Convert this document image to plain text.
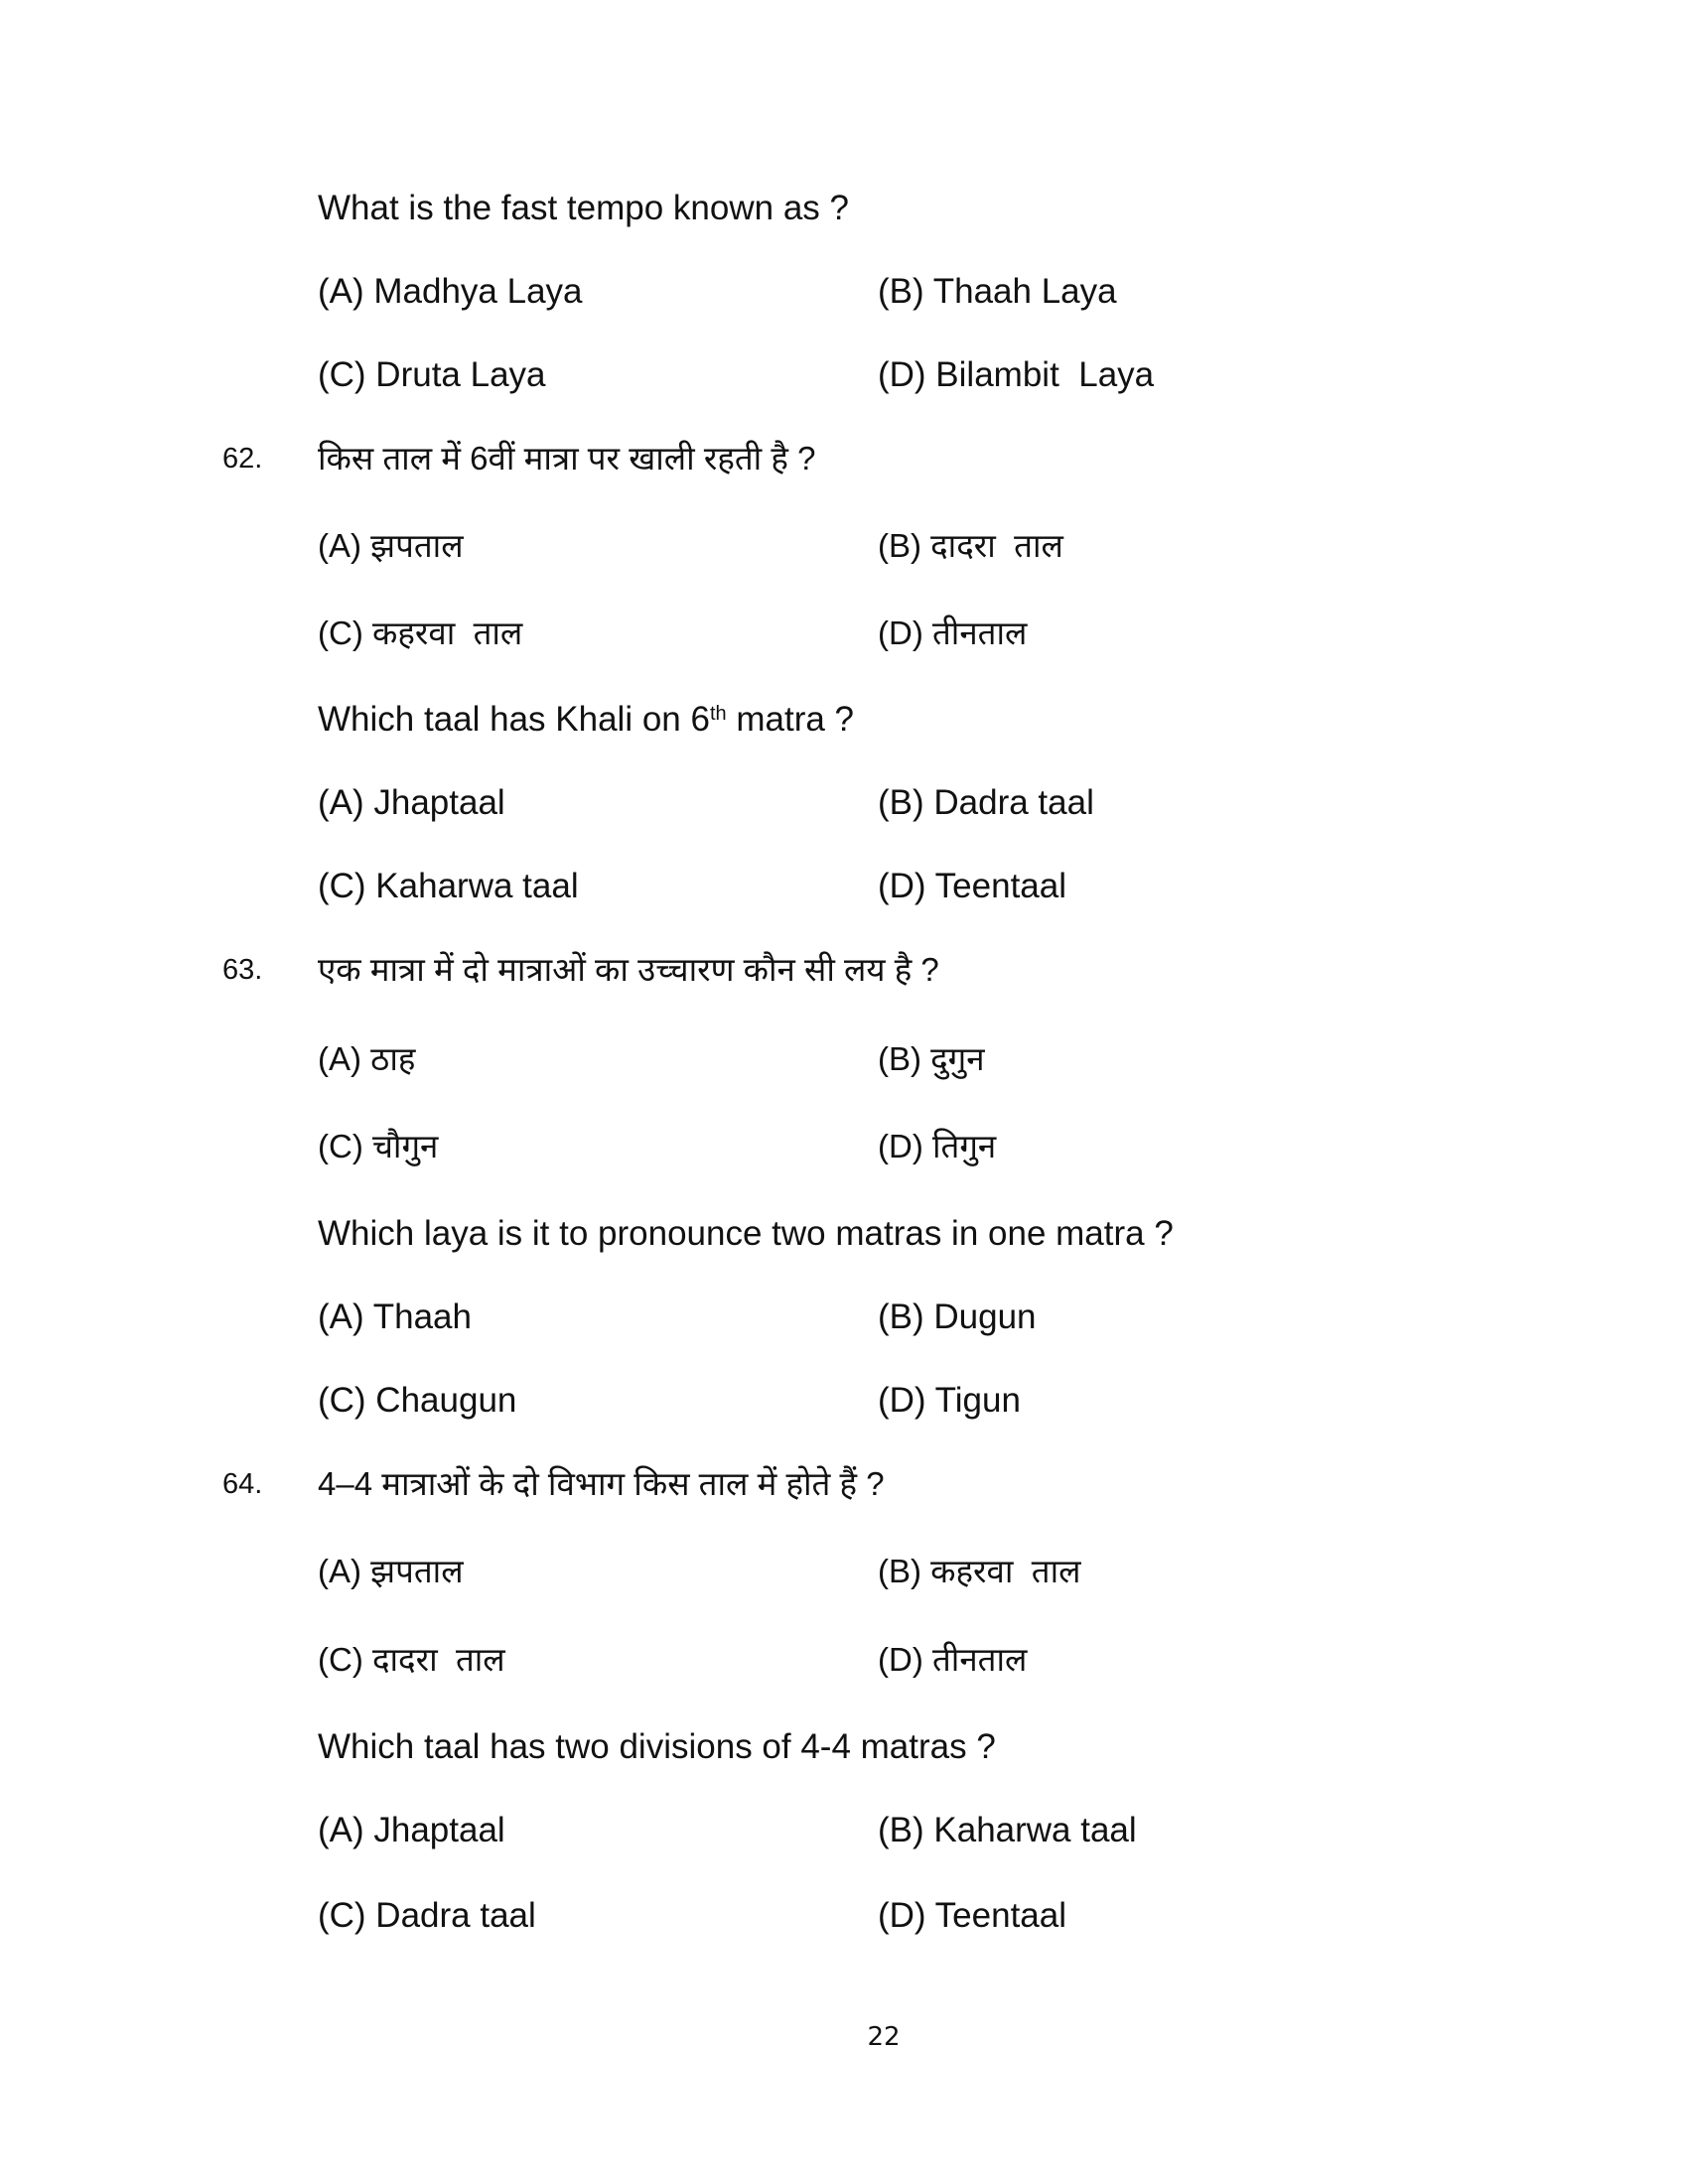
What is the fast tempo known as ?
(A) Madhya Laya	(B) Thaah Laya
(C) Druta Laya	(D) Bilambit  Laya
62. किस ताल में 6वीं मात्रा पर खाली रहती है ?
(A) झपताल	(B) दादरा  ताल
(C) कहरवा  ताल	(D) तीनताल
Which taal has Khali on 6th matra ?
(A) Jhaptaal	(B) Dadra taal
(C) Kaharwa taal	(D) Teentaal
63. एक मात्रा में दो मात्राओं का उच्चारण कौन सी लय है ?
(A) ठाह	(B) दुगुन
(C) चौगुन	(D) तिगुन
Which laya is it to pronounce two matras in one matra ?
(A) Thaah	(B) Dugun
(C) Chaugun	(D) Tigun
64. 4–4 मात्राओं के दो विभाग किस ताल में होते हैं ?
(A) झपताल	(B) कहरवा  ताल
(C) दादरा  ताल	(D) तीनताल
Which taal has two divisions of 4-4 matras ?
(A) Jhaptaal	(B) Kaharwa taal
(C) Dadra taal	(D) Teentaal
22
